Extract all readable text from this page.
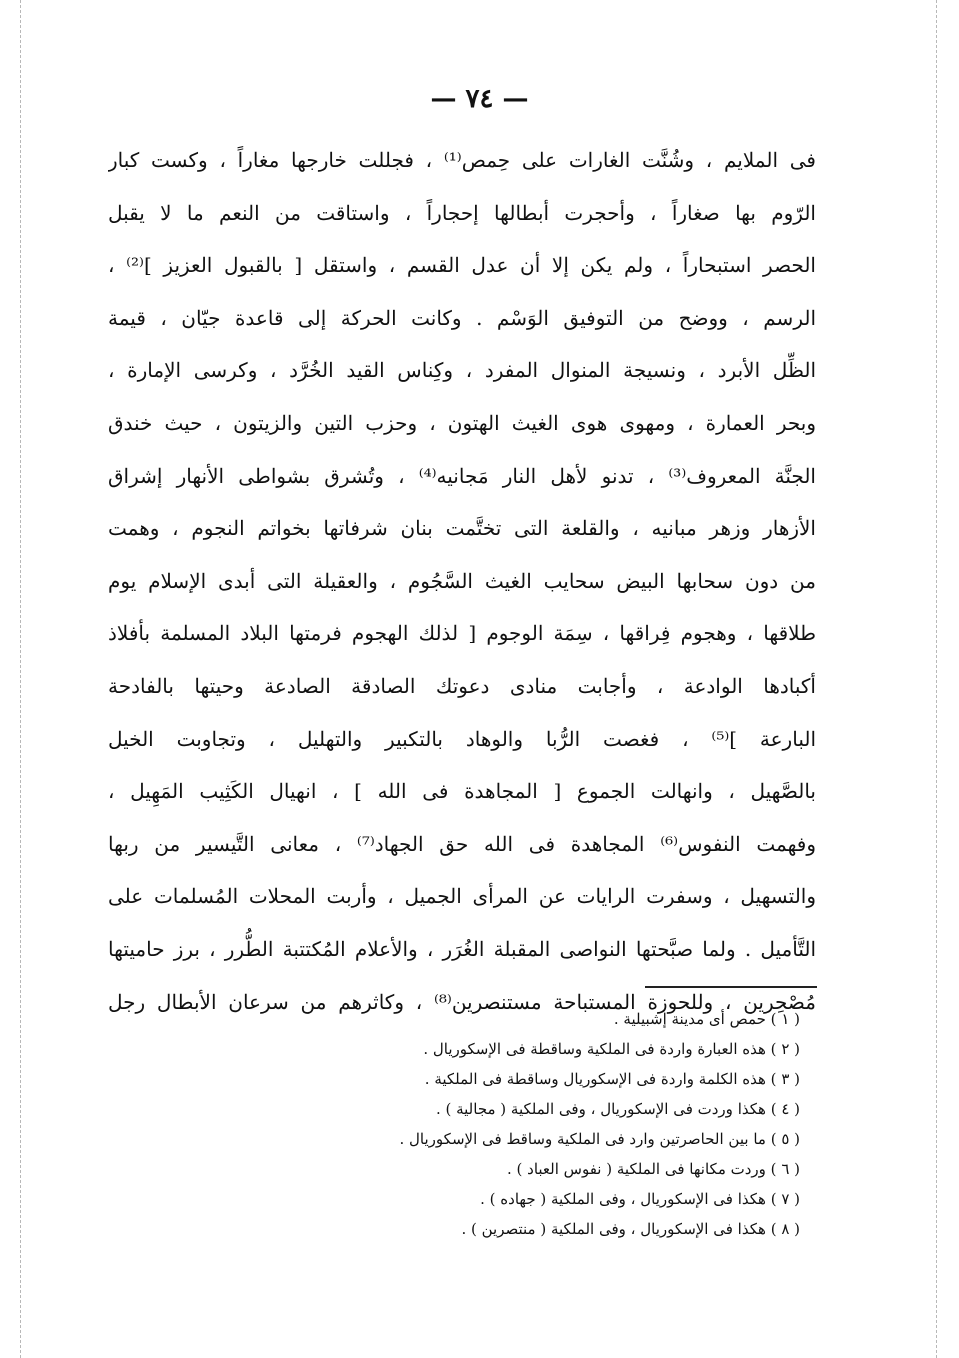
— ٧٤ —
فى الملايم ، وشُنَّت الغارات على حِمص⁽¹⁾ ، فجللت خارجها مغاراً ، وكست كبار
الرّوم بها صغاراً ، وأحجرت أبطالها إحجاراً ، واستاقت من النعم ما لا يقبل
الحصر استبحاراً ، ولم يكن إلا أن عدل القسم ، واستقل [ بالقبول العزيز ]⁽²⁾ ،
الرسم ، ووضح من التوفيق الوَسْم . وكانت الحركة إلى قاعدة جيّان ، قيمة
الظِّل الأبرد ، ونسيجة المنوال المفرد ، وكِناس القيد الخُرَّد ، وكرسى الإمارة ،
وبحر العمارة ، ومهوى هوى الغيث الهتون ، وحزب التين والزيتون ، حيث خندق
الجنَّة المعروف⁽³⁾ ، تدنو لأهل النار مَجانيه⁽⁴⁾ ، وتُشرق بشواطى الأنهار إشراق
الأزهار وزهر مبانيه ، والقلعة التى تختَّمت بنان شرفاتها بخواتم النجوم ، وهمت
من دون سحابها البيض سحايب الغيث السَّجُوم ، والعقيلة التى أبدى الإسلام يوم
طلاقها ، وهجوم فِراقها ، سِمَة الوجوم [ لذلك الهجوم فرمتها البلاد المسلمة بأفلاذ
أكبادها الوادعة ، وأجابت منادى دعوتك الصادقة الصادعة وحيتها بالفادحة
البارعة ]⁽⁵⁾ ، فغصت الرُّبا والوهاد بالتكبير والتهليل ، وتجاوبت الخيل
بالصَّهيل ، وانهالت الجموع [ المجاهدة فى الله ] ، انهيال الكَثِيب المَهِيل ،
وفهمت النفوس⁽⁶⁾ المجاهدة فى الله حق الجهاد⁽⁷⁾ ، معانى التَّيسير من ربها
والتسهيل ، وسفرت الرايات عن المرأى الجميل ، وأربت المحلات المُسلمات على
التَّأميل . ولما صبَّحتها النواصى المقبلة الغُرَر ، والأعلام المُكتتبة الطُّرر ، برز حاميتها
مُصْحِرين ، وللحوزة المستباحة مستنصرين⁽⁸⁾ ، وكاثرهم من سرعان الأبطال رجل
( ١ ) حمص أى مدينة إشبيلية .
( ٢ ) هذه العبارة واردة فى الملكية وساقطة فى الإسكوريال .
( ٣ ) هذه الكلمة واردة فى الإسكوريال وساقطة فى الملكية .
( ٤ ) هكذا وردت فى الإسكوريال ، وفى الملكية ( مجالية ) .
( ٥ ) ما بين الحاصرتين وارد فى الملكية وساقط فى الإسكوريال .
( ٦ ) وردت مكانها فى الملكية ( نفوس العباد ) .
( ٧ ) هكذا فى الإسكوريال ، وفى الملكية ( جهاده ) .
( ٨ ) هكذا فى الإسكوريال ، وفى الملكية ( منتصرين ) .
